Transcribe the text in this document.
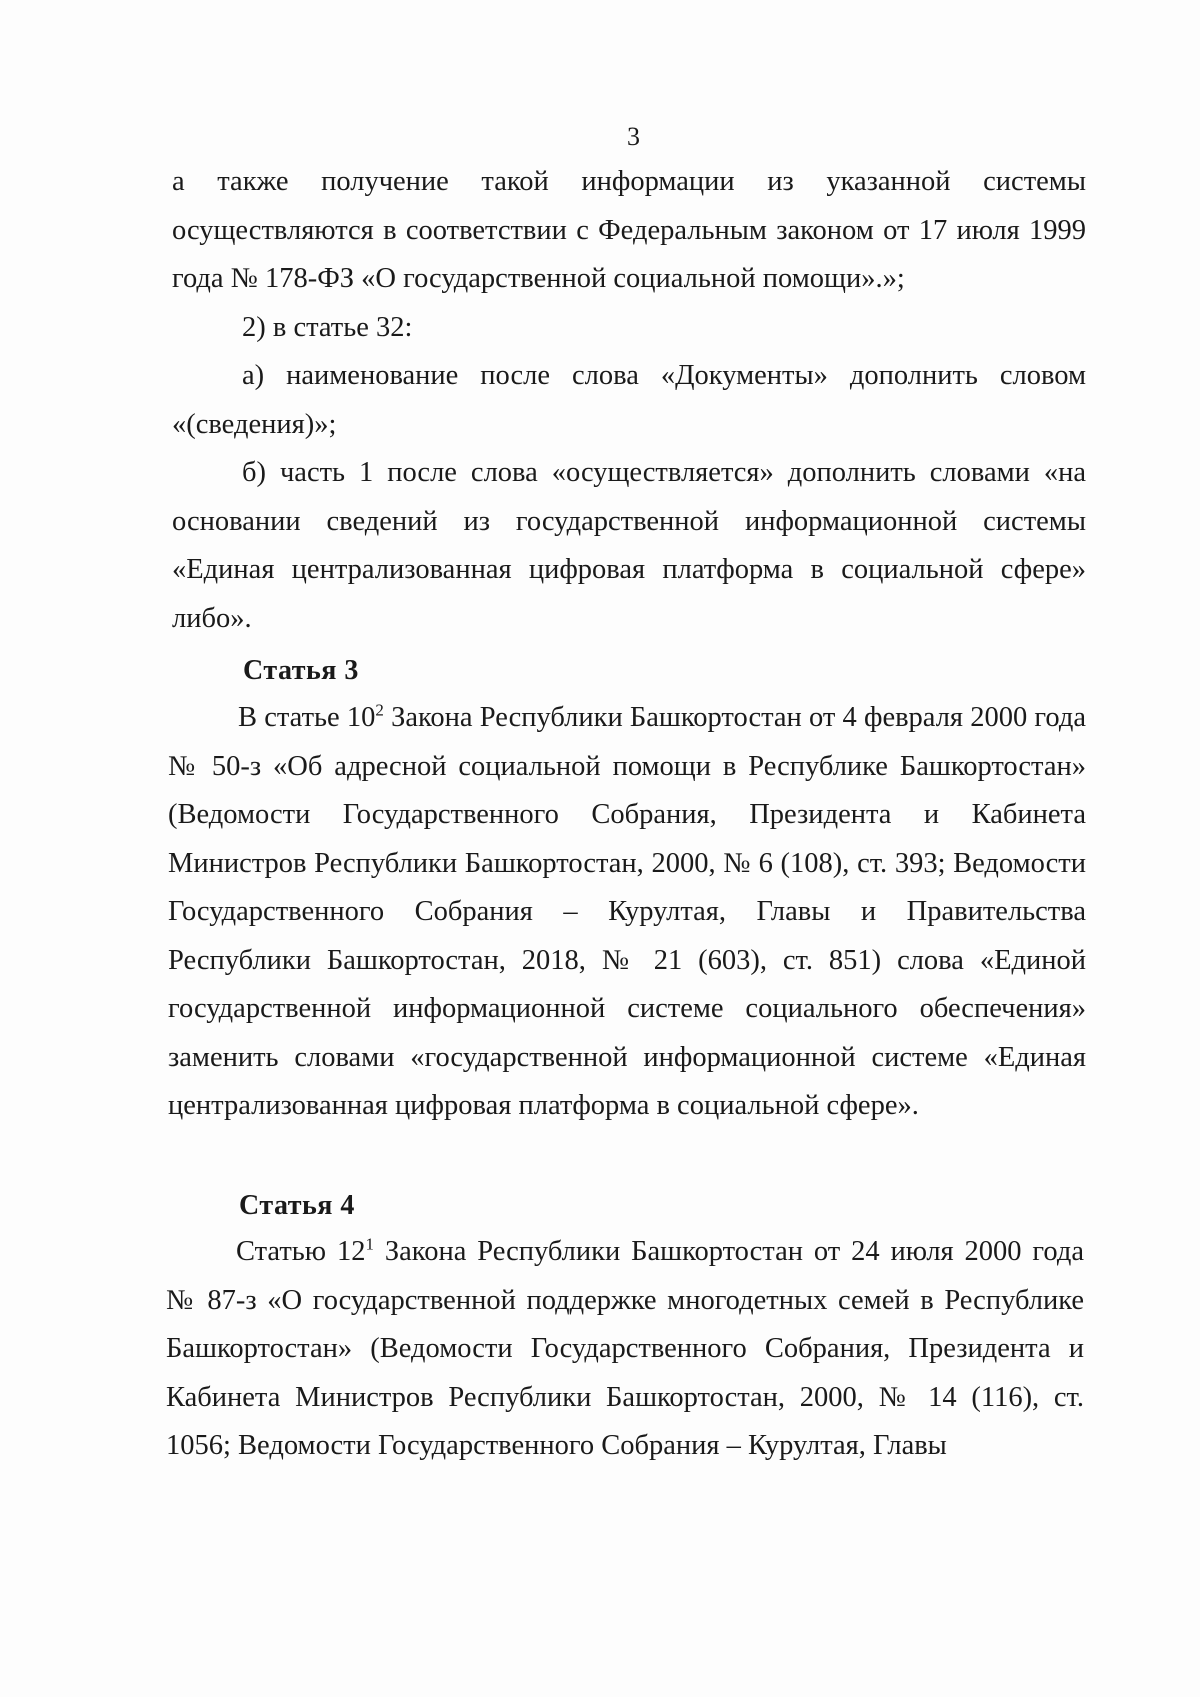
3

а также получение такой информации из указанной системы осуществляются в соответствии с Федеральным законом от 17 июля 1999 года № 178-ФЗ «О государственной социальной помощи».»;

2) в статье 32:

а) наименование после слова «Документы» дополнить словом «(сведения)»;

б) часть 1 после слова «осуществляется» дополнить словами «на основании сведений из государственной информационной системы «Единая централизованная цифровая платформа в социальной сфере» либо».

Статья 3

В статье $10^2$ Закона Республики Башкортостан от 4 февраля 2000 года № 50-з «Об адресной социальной помощи в Республике Башкортостан» (Ведомости Государственного Собрания, Президента и Кабинета Министров Республики Башкортостан, 2000, № 6 (108), ст. 393; Ведомости Государственного Собрания – Курултая, Главы и Правительства Республики Башкортостан, 2018, № 21 (603), ст. 851) слова «Единой государственной информационной системе социального обеспечения» заменить словами «государственной информационной системе «Единая централизованная цифровая платформа в социальной сфере».

Статья 4

Статью $12^1$ Закона Республики Башкортостан от 24 июля 2000 года № 87-з «О государственной поддержке многодетных семей в Республике Башкортостан» (Ведомости Государственного Собрания, Президента и Кабинета Министров Республики Башкортостан, 2000, № 14 (116), ст. 1056; Ведомости Государственного Собрания – Курултая, Главы
